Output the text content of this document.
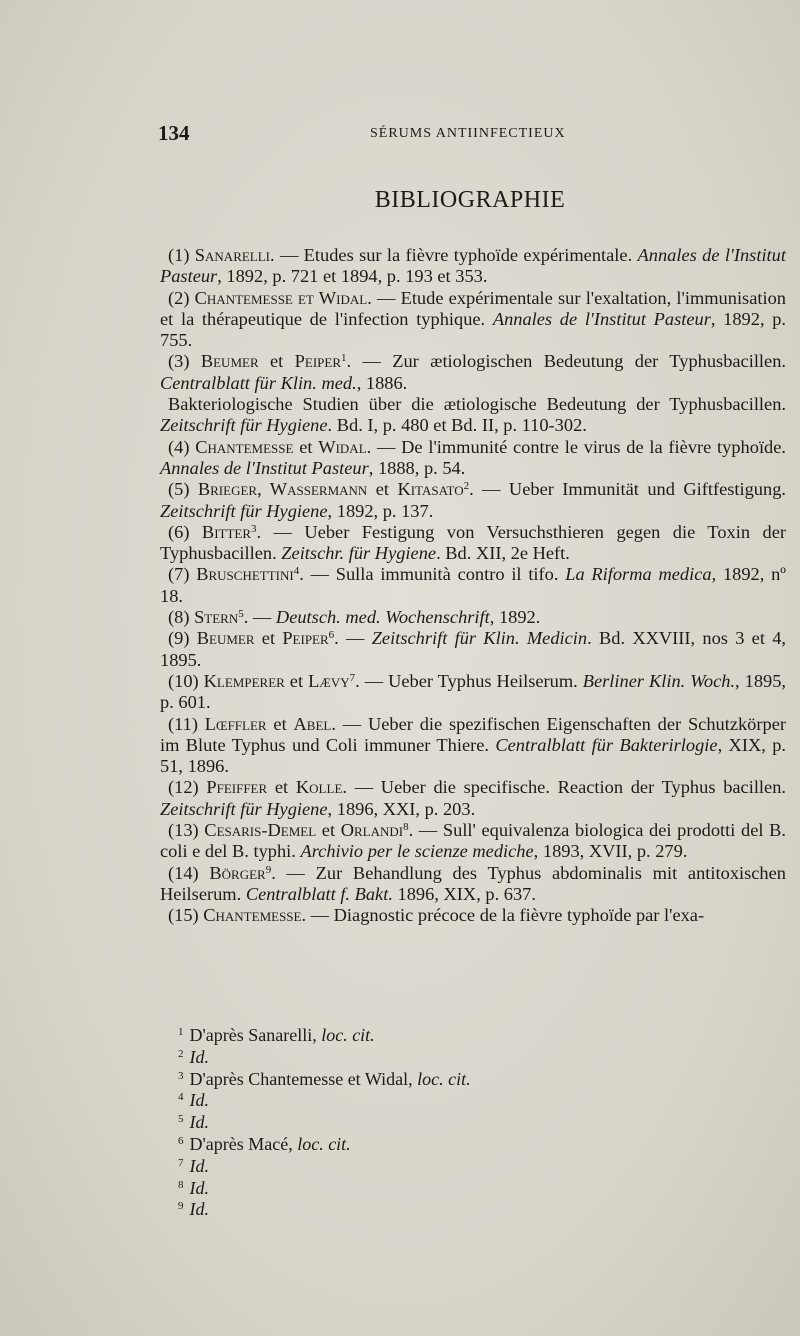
134	SÉRUMS ANTIINFECTIEUX
BIBLIOGRAPHIE

(1) Sanarelli. — Etudes sur la fièvre typhoïde expérimentale. Annales de l'Institut Pasteur, 1892, p. 721 et 1894, p. 193 et 353.

(2) Chantemesse et Widal. — Etude expérimentale sur l'exaltation, l'immunisation et la thérapeutique de l'infection typhique. Annales de l'Institut Pasteur, 1892, p. 755.

(3) Beumer et Peiper$^1$. — Zur ætiologischen Bedeutung der Typhusbacillen. Centralblatt für Klin. med., 1886.

Bakteriologische Studien über die ætiologische Bedeutung der Typhusbacillen. Zeitschrift für Hygiene. Bd. I, p. 480 et Bd. II, p. 110-302.

(4) Chantemesse et Widal. — De l'immunité contre le virus de la fièvre typhoïde. Annales de l'Institut Pasteur, 1888, p. 54.

(5) Brieger, Wassermann et Kitasato$^2$. — Ueber Immunität und Giftfestigung. Zeitschrift für Hygiene, 1892, p. 137.

(6) Bitter$^3$. — Ueber Festigung von Versuchsthieren gegen die Toxin der Typhusbacillen. Zeitschr. für Hygiene. Bd. XII, 2e Heft.

(7) Bruschettini$^4$. — Sulla immunità contro il tifo. La Riforma medica, 1892, nº 18.

(8) Stern$^5$. — Deutsch. med. Wochenschrift, 1892.

(9) Beumer et Peiper$^6$. — Zeitschrift für Klin. Medicin. Bd. XXVIII, nos 3 et 4, 1895.

(10) Klemperer et Lævy$^7$. — Ueber Typhus Heilserum. Berliner Klin. Woch., 1895, p. 601.

(11) Lœffler et Abel. — Ueber die spezifischen Eigenschaften der Schutzkörper im Blute Typhus und Coli immuner Thiere. Centralblatt für Bakterirlogie, XIX, p. 51, 1896.

(12) Pfeiffer et Kolle. — Ueber die specifische. Reaction der Typhus bacillen. Zeitschrift für Hygiene, 1896, XXI, p. 203.

(13) Cesaris-Demel et Orlandi$^8$. — Sull' equivalenza biologica dei prodotti del B. coli e del B. typhi. Archivio per le scienze mediche, 1893, XVII, p. 279.

(14) Börger$^9$. — Zur Behandlung des Typhus abdominalis mit antitoxischen Heilserum. Centralblatt f. Bakt. 1896, XIX, p. 637.

(15) Chantemesse. — Diagnostic précoce de la fièvre typhoïde par l'exa-

$^1$ D'après Sanarelli, loc. cit.

$^2$ Id.

$^3$ D'après Chantemesse et Widal, loc. cit.

$^4$ Id.

$^5$ Id.

$^6$ D'après Macé, loc. cit.

$^7$ Id.

$^8$ Id.

$^9$ Id.
